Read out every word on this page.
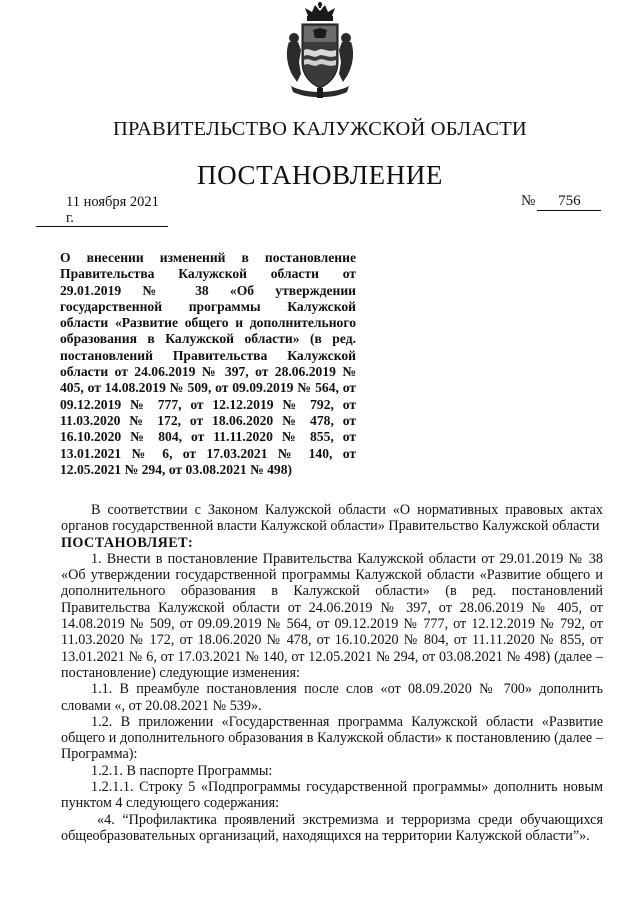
ПРАВИТЕЛЬСТВО КАЛУЖСКОЙ ОБЛАСТИ
ПОСТАНОВЛЕНИЕ
11 ноября 2021 г.
№ 756

О внесении изменений в постановление Правительства Калужской области от 29.01.2019 № 38 «Об утверждении государственной программы Калужской области «Развитие общего и дополнительного образования в Калужской области» (в ред. постановлений Правительства Калужской области от 24.06.2019 № 397, от 28.06.2019 № 405, от 14.08.2019 № 509, от 09.09.2019 № 564, от 09.12.2019 № 777, от 12.12.2019 № 792, от 11.03.2020 № 172, от 18.06.2020 № 478, от 16.10.2020 № 804, от 11.11.2020 № 855, от 13.01.2021 № 6, от 17.03.2021 № 140, от 12.05.2021 № 294, от 03.08.2021 № 498)

В соответствии с Законом Калужской области «О нормативных правовых актах органов государственной власти Калужской области» Правительство Калужской области

ПОСТАНОВЛЯЕТ:

1. Внести в постановление Правительства Калужской области от 29.01.2019 № 38 «Об утверждении государственной программы Калужской области «Развитие общего и дополнительного образования в Калужской области» (в ред. постановлений Правительства Калужской области от 24.06.2019 № 397, от 28.06.2019 № 405, от 14.08.2019 № 509, от 09.09.2019 № 564, от 09.12.2019 № 777, от 12.12.2019 № 792, от 11.03.2020 № 172, от 18.06.2020 № 478, от 16.10.2020 № 804, от 11.11.2020 № 855, от 13.01.2021 № 6, от 17.03.2021 № 140, от 12.05.2021 № 294, от 03.08.2021 № 498) (далее – постановление) следующие изменения:

1.1. В преамбуле постановления после слов «от 08.09.2020 № 700» дополнить словами «, от 20.08.2021 № 539».

1.2. В приложении «Государственная программа Калужской области «Развитие общего и дополнительного образования в Калужской области» к постановлению (далее – Программа):

1.2.1. В паспорте Программы:

1.2.1.1. Строку 5 «Подпрограммы государственной программы» дополнить новым пунктом 4 следующего содержания:

«4. “Профилактика проявлений экстремизма и терроризма среди обучающихся общеобразовательных организаций, находящихся на территории Калужской области”».
